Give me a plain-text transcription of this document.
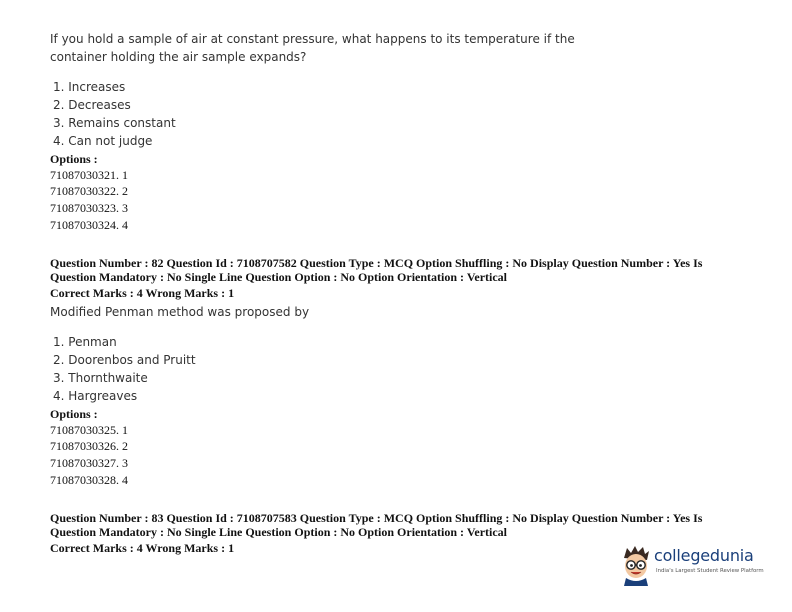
If you hold a sample of air at constant pressure, what happens to its temperature if the
container holding the air sample expands?
1. Increases
2. Decreases
3. Remains constant
4. Can not judge
Options :
71087030321. 1
71087030322. 2
71087030323. 3
71087030324. 4
Question Number : 82 Question Id : 7108707582 Question Type : MCQ Option Shuffling : No Display Question Number : Yes Is
Question Mandatory : No Single Line Question Option : No Option Orientation : Vertical
Correct Marks : 4 Wrong Marks : 1
Modified Penman method was proposed by
1. Penman
2. Doorenbos and Pruitt
3. Thornthwaite
4. Hargreaves
Options :
71087030325. 1
71087030326. 2
71087030327. 3
71087030328. 4
Question Number : 83 Question Id : 7108707583 Question Type : MCQ Option Shuffling : No Display Question Number : Yes Is
Question Mandatory : No Single Line Question Option : No Option Orientation : Vertical
Correct Marks : 4 Wrong Marks : 1	collegedunia
India's Largest Student Review Platform
